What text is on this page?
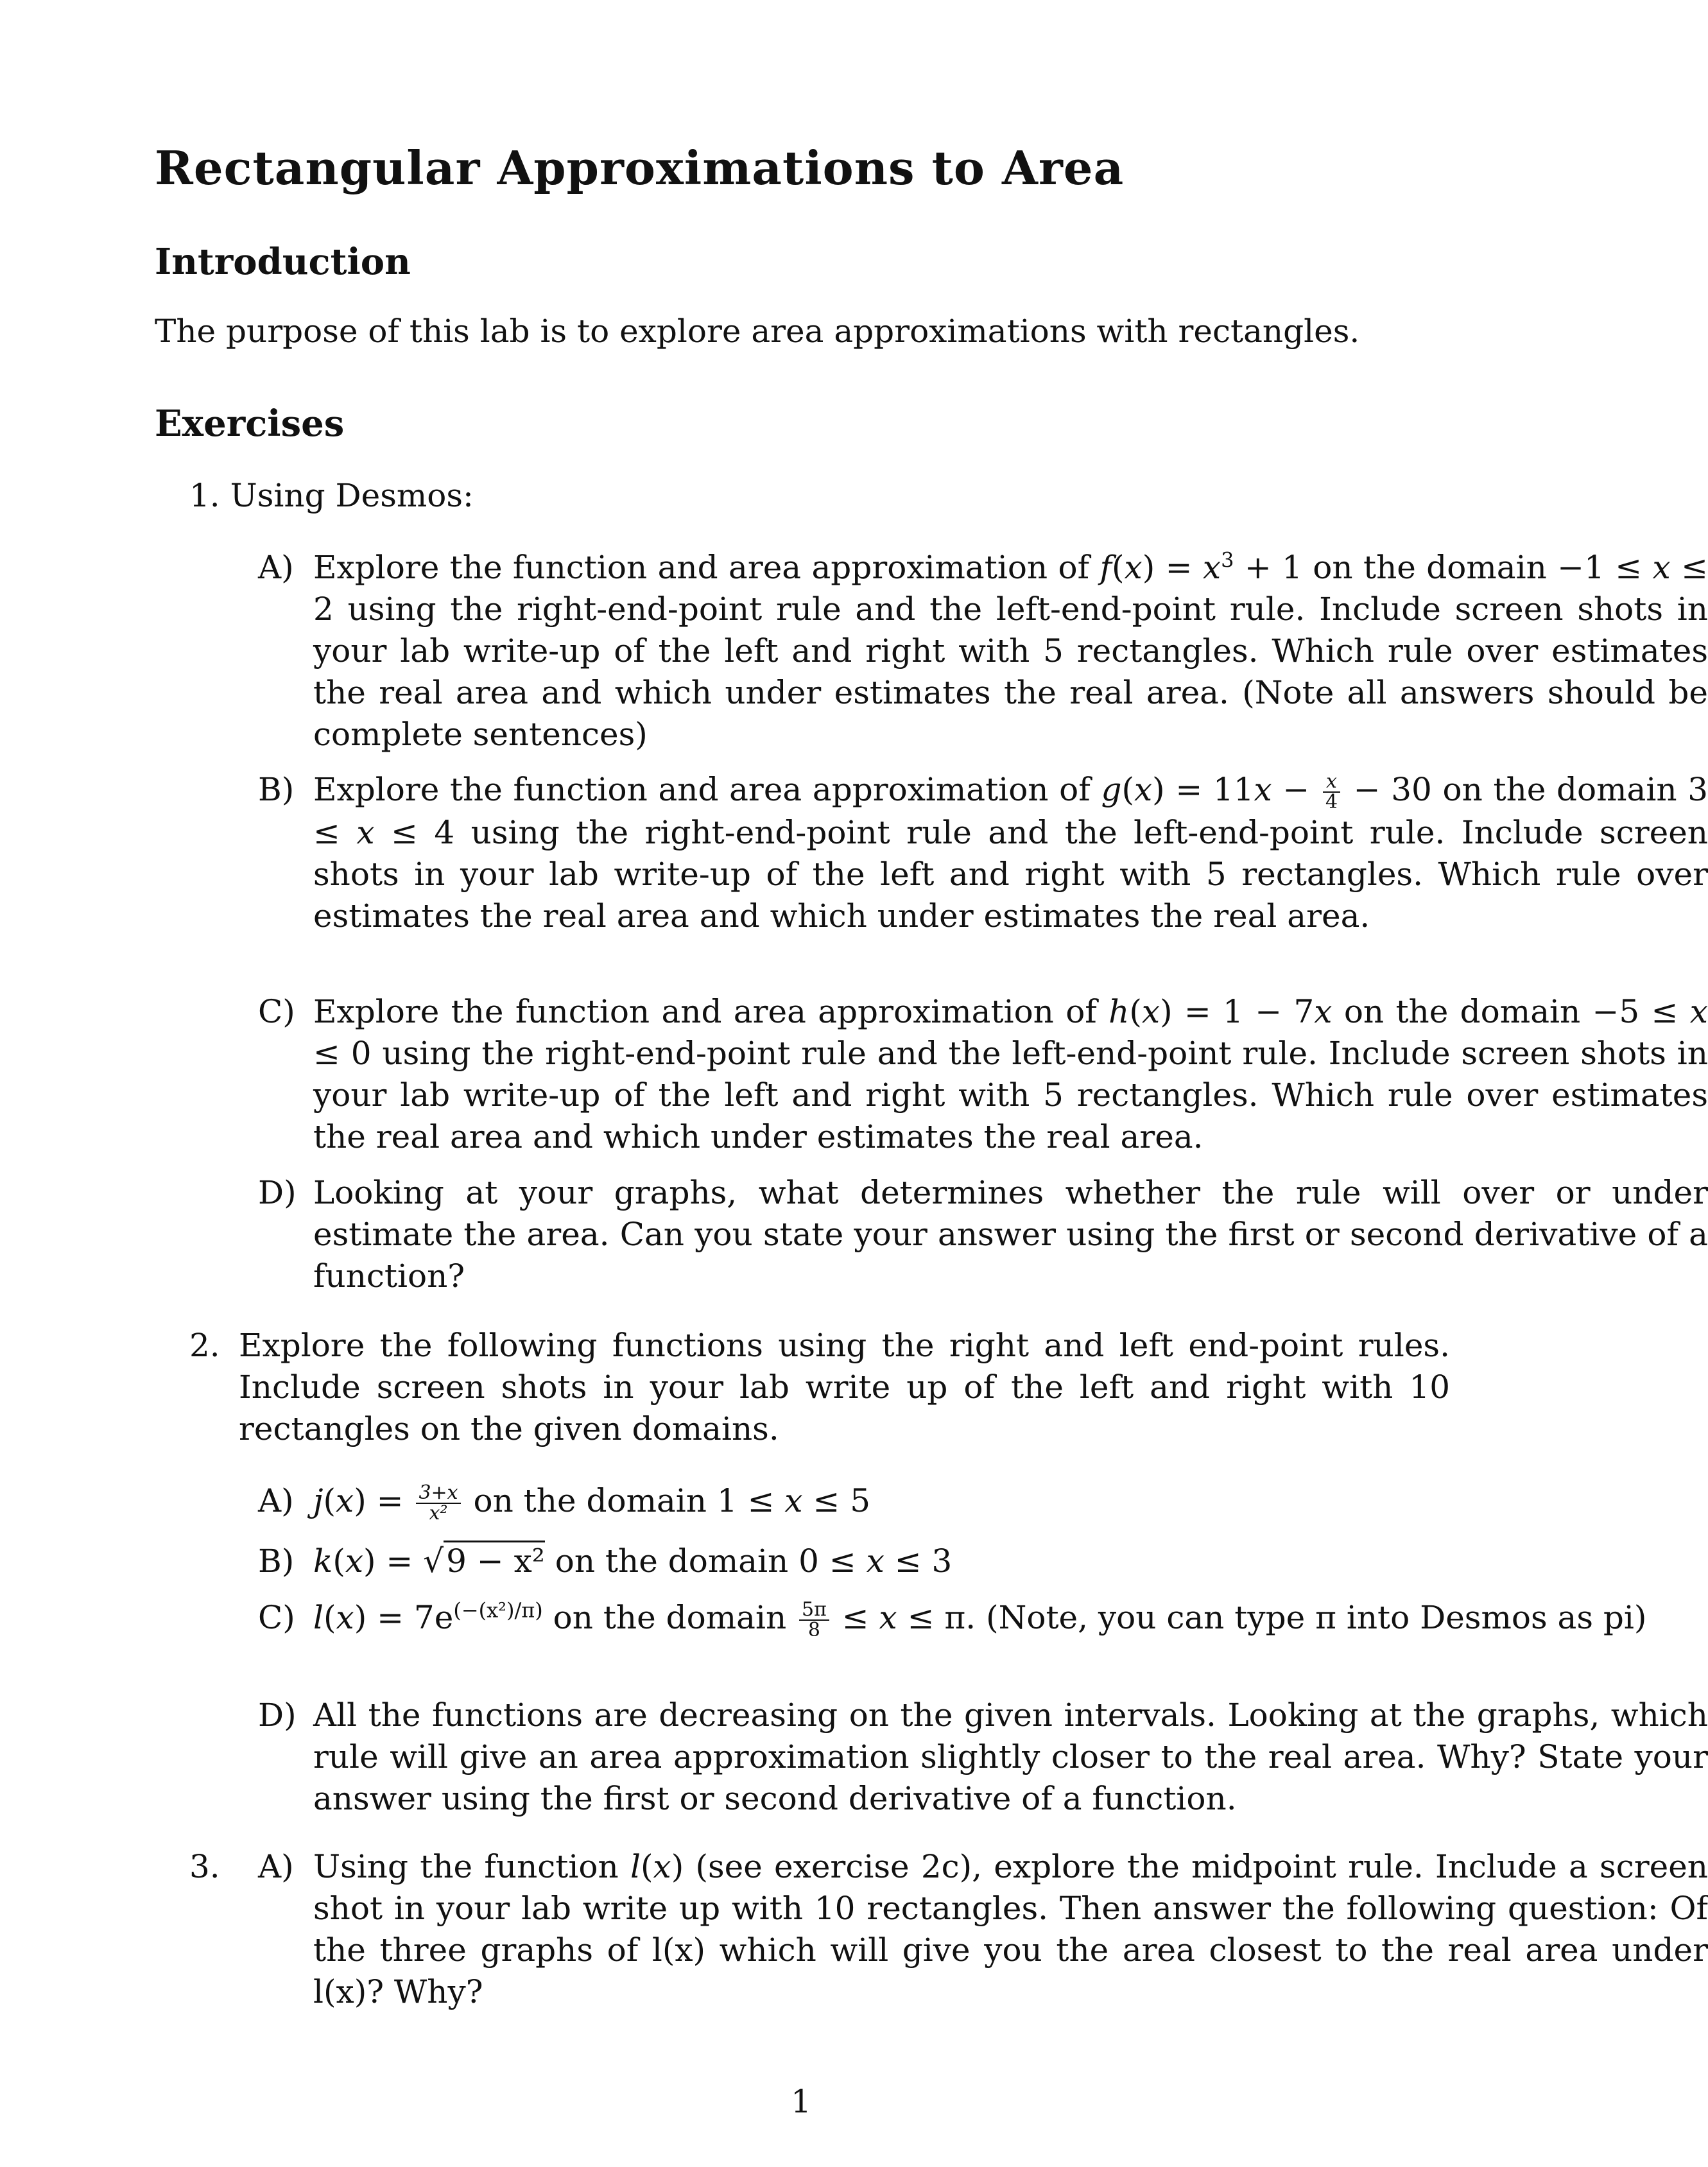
Rectangular Approximations to Area
Introduction

The purpose of this lab is to explore area approximations with rectangles.

Exercises
1. Using Desmos:
A) Explore the function and area approximation of $f(x) = x^3 + 1$ on the domain −1 ≤ x ≤ 2 using the right-end-point rule and the left-end-point rule. Include screen shots in your lab write-up of the left and right with 5 rectangles. Which rule over estimates the real area and which under estimates the real area. (Note all answers should be complete sentences)
B) Explore the function and area approximation of $g(x) = 11x - \frac{x}{4} - 30$ on the domain 3 ≤ x ≤ 4 using the right-end-point rule and the left-end-point rule. Include screen shots in your lab write-up of the left and right with 5 rectangles. Which rule over estimates the real area and which under estimates the real area.
C) Explore the function and area approximation of h(x) = 1 − 7x on the domain −5 ≤ x ≤ 0 using the right-end-point rule and the left-end-point rule. Include screen shots in your lab write-up of the left and right with 5 rectangles. Which rule over estimates the real area and which under estimates the real area.
D) Looking at your graphs, what determines whether the rule will over or under estimate the area. Can you state your answer using the first or second derivative of a function?
2. Explore the following functions using the right and left end-point rules. Include screen shots in your lab write up of the left and right with 10 rectangles on the given domains.
A) $j(x) = \frac{3+x}{\text{x²}}$ on the domain 1 ≤ x ≤ 5
B) k(x) = √9 − x² on the domain 0 ≤ x ≤ 3
C) $l(x) = 7e^{(-(x^2)/\pi)}$ on the domain $\frac{5\pi}{8} \le x \le \pi$. (Note, you can type π into Desmos as pi)
D) All the functions are decreasing on the given intervals. Looking at the graphs, which rule will give an area approximation slightly closer to the real area. Why? State your answer using the first or second derivative of a function.
3. A) Using the function l(x) (see exercise 2c), explore the midpoint rule. Include a screen shot in your lab write up with 10 rectangles. Then answer the following question: Of the three graphs of l(x) which will give you the area closest to the real area under l(x)? Why?
1
